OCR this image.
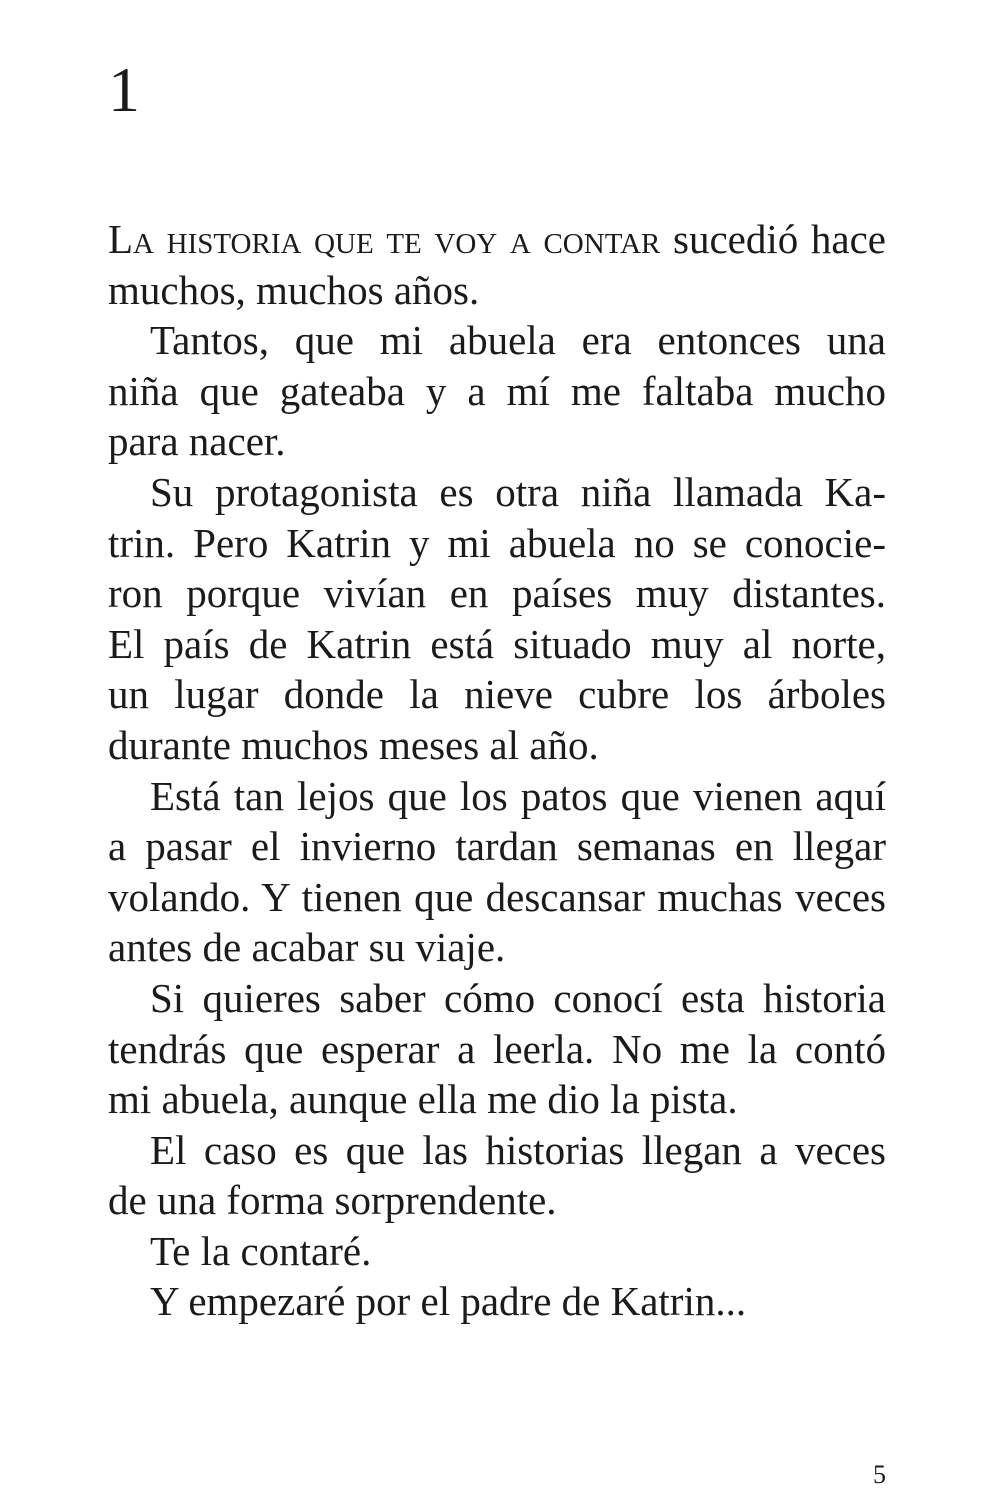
1

La historia que te voy a contar sucedió hace
muchos, muchos años.

Tantos, que mi abuela era entonces una
niña que gateaba y a mí me faltaba mucho
para nacer.

Su protagonista es otra niña llamada Ka-
trin. Pero Katrin y mi abuela no se conocie-
ron porque vivían en países muy distantes.
El país de Katrin está situado muy al norte,
un lugar donde la nieve cubre los árboles
durante muchos meses al año.

Está tan lejos que los patos que vienen aquí
a pasar el invierno tardan semanas en llegar
volando. Y tienen que descansar muchas veces
antes de acabar su viaje.

Si quieres saber cómo conocí esta historia
tendrás que esperar a leerla. No me la contó
mi abuela, aunque ella me dio la pista.

El caso es que las historias llegan a veces
de una forma sorprendente.

Te la contaré.

Y empezaré por el padre de Katrin...

5
